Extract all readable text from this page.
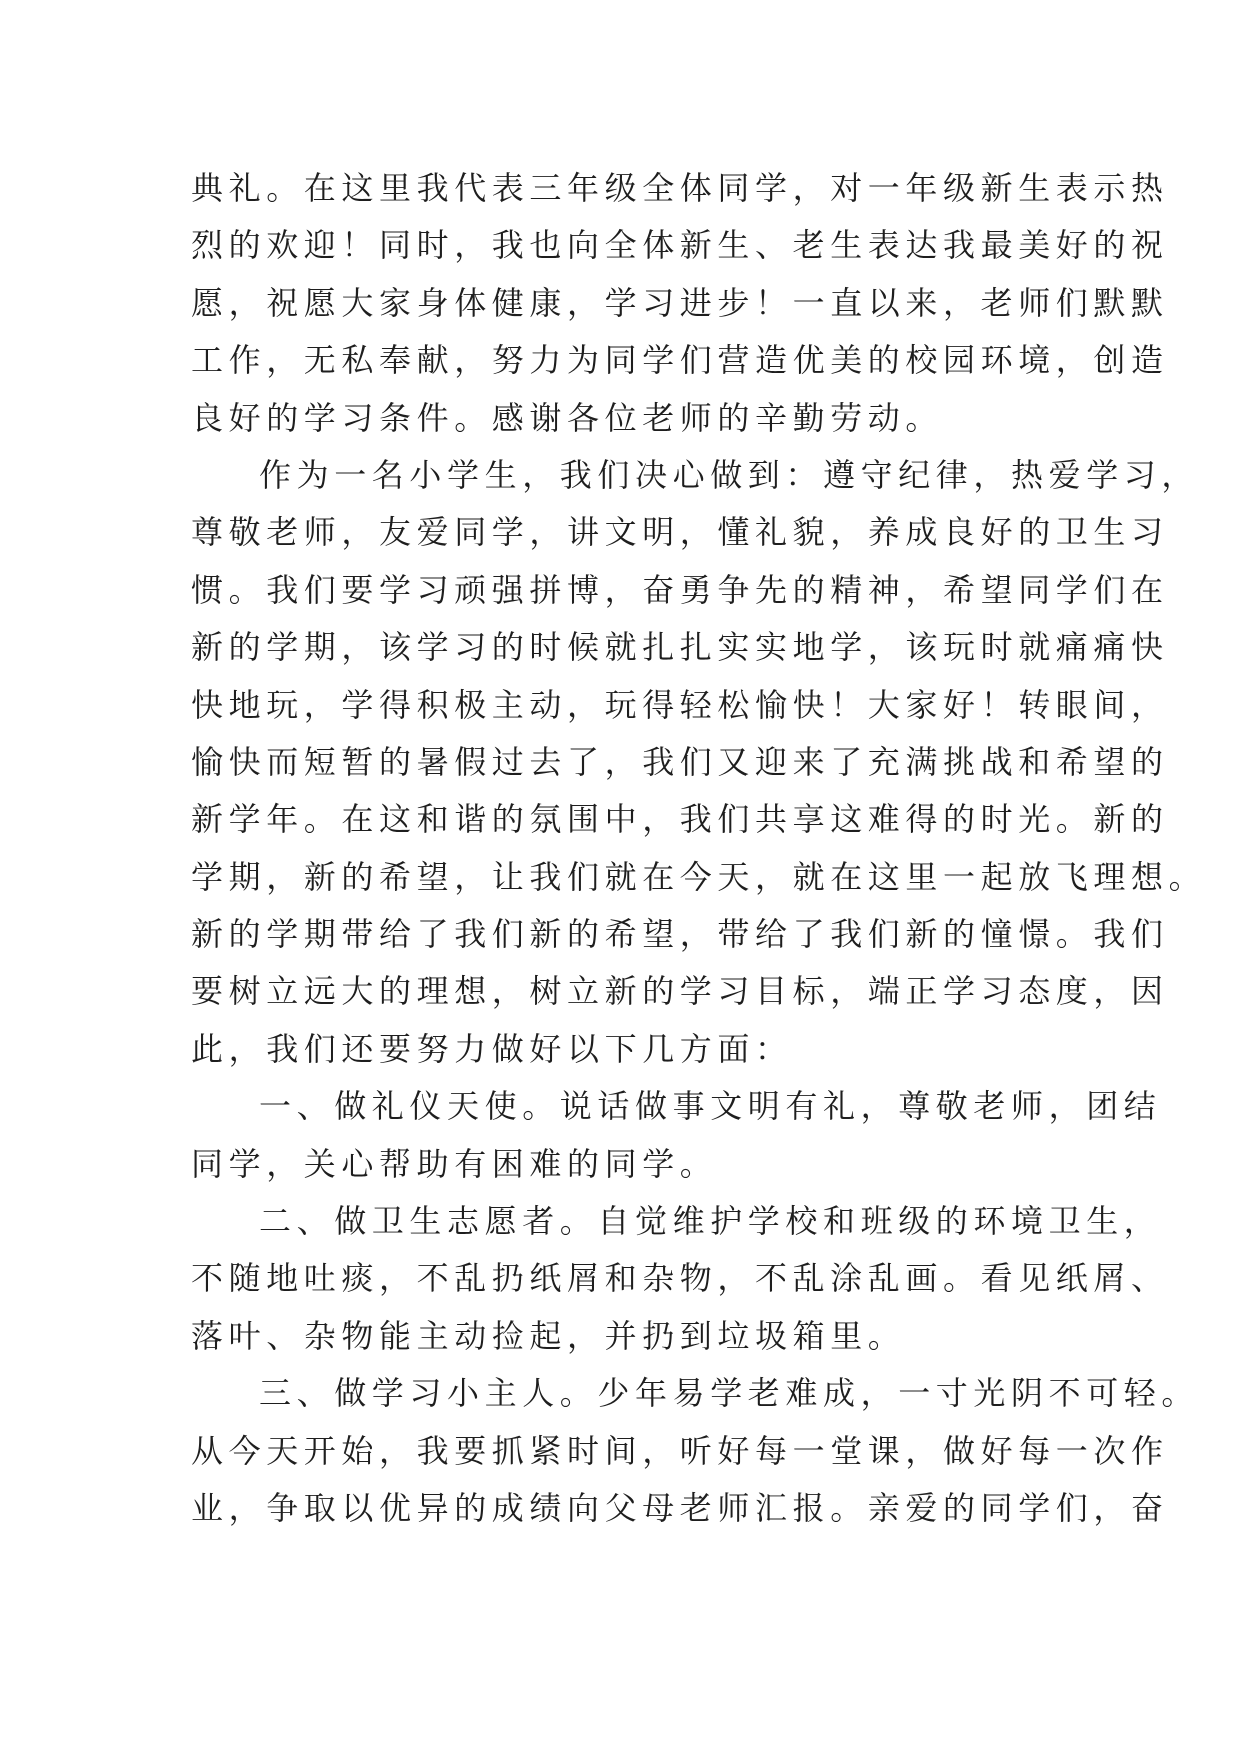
典礼。在这里我代表三年级全体同学，对一年级新生表示热
烈的欢迎！同时，我也向全体新生、老生表达我最美好的祝
愿，祝愿大家身体健康，学习进步！一直以来，老师们默默
工作，无私奉献，努力为同学们营造优美的校园环境，创造
良好的学习条件。感谢各位老师的辛勤劳动。

作为一名小学生，我们决心做到：遵守纪律，热爱学习，
尊敬老师，友爱同学，讲文明，懂礼貌，养成良好的卫生习
惯。我们要学习顽强拼博，奋勇争先的精神，希望同学们在
新的学期，该学习的时候就扎扎实实地学，该玩时就痛痛快
快地玩，学得积极主动，玩得轻松愉快！大家好！转眼间，
愉快而短暂的暑假过去了，我们又迎来了充满挑战和希望的
新学年。在这和谐的氛围中，我们共享这难得的时光。新的
学期，新的希望，让我们就在今天，就在这里一起放飞理想。
新的学期带给了我们新的希望，带给了我们新的憧憬。我们
要树立远大的理想，树立新的学习目标，端正学习态度，因
此，我们还要努力做好以下几方面：

一、做礼仪天使。说话做事文明有礼，尊敬老师，团结
同学，关心帮助有困难的同学。

二、做卫生志愿者。自觉维护学校和班级的环境卫生，
不随地吐痰，不乱扔纸屑和杂物，不乱涂乱画。看见纸屑、
落叶、杂物能主动捡起，并扔到垃圾箱里。

三、做学习小主人。少年易学老难成，一寸光阴不可轻。
从今天开始，我要抓紧时间，听好每一堂课，做好每一次作
业，争取以优异的成绩向父母老师汇报。亲爱的同学们，奋
